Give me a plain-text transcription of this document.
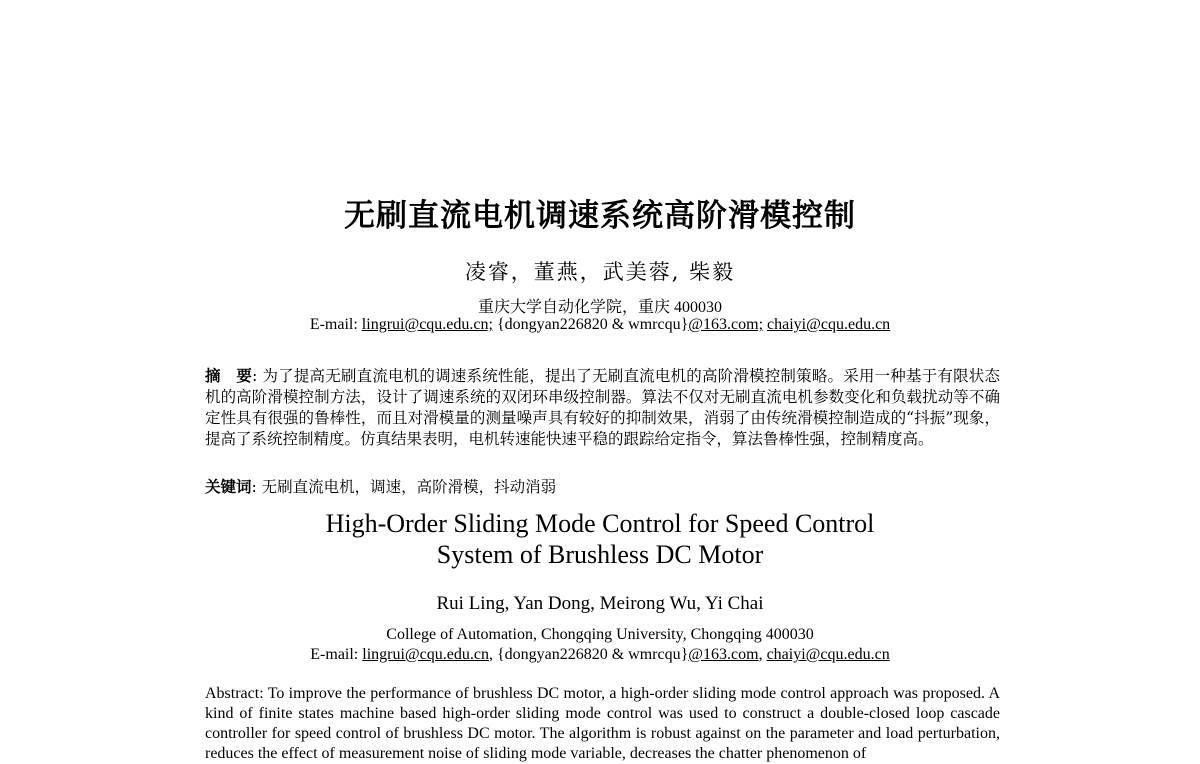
无刷直流电机调速系统高阶滑模控制
凌睿，董燕，武美蓉, 柴毅
重庆大学自动化学院，重庆 400030
E-mail: lingrui@cqu.edu.cn; {dongyan226820 & wmrcqu}@163.com; chaiyi@cqu.edu.cn
摘　要: 为了提高无刷直流电机的调速系统性能，提出了无刷直流电机的高阶滑模控制策略。采用一种基于有限状态机的高阶滑模控制方法，设计了调速系统的双闭环串级控制器。算法不仅对无刷直流电机参数变化和负载扰动等不确定性具有很强的鲁棒性，而且对滑模量的测量噪声具有较好的抑制效果，消弱了由传统滑模控制造成的“抖振”现象，提高了系统控制精度。仿真结果表明，电机转速能快速平稳的跟踪给定指令，算法鲁棒性强，控制精度高。
关键词: 无刷直流电机，调速，高阶滑模，抖动消弱
High-Order Sliding Mode Control for Speed Control
System of Brushless DC Motor
Rui Ling, Yan Dong, Meirong Wu, Yi Chai
College of Automation, Chongqing University, Chongqing 400030
E-mail: lingrui@cqu.edu.cn, {dongyan226820 & wmrcqu}@163.com, chaiyi@cqu.edu.cn
Abstract: To improve the performance of brushless DC motor, a high-order sliding mode control approach was proposed. A kind of finite states machine based high-order sliding mode control was used to construct a double-closed loop cascade controller for speed control of brushless DC motor. The algorithm is robust against on the parameter and load perturbation, reduces the effect of measurement noise of sliding mode variable, decreases the chatter phenomenon of
